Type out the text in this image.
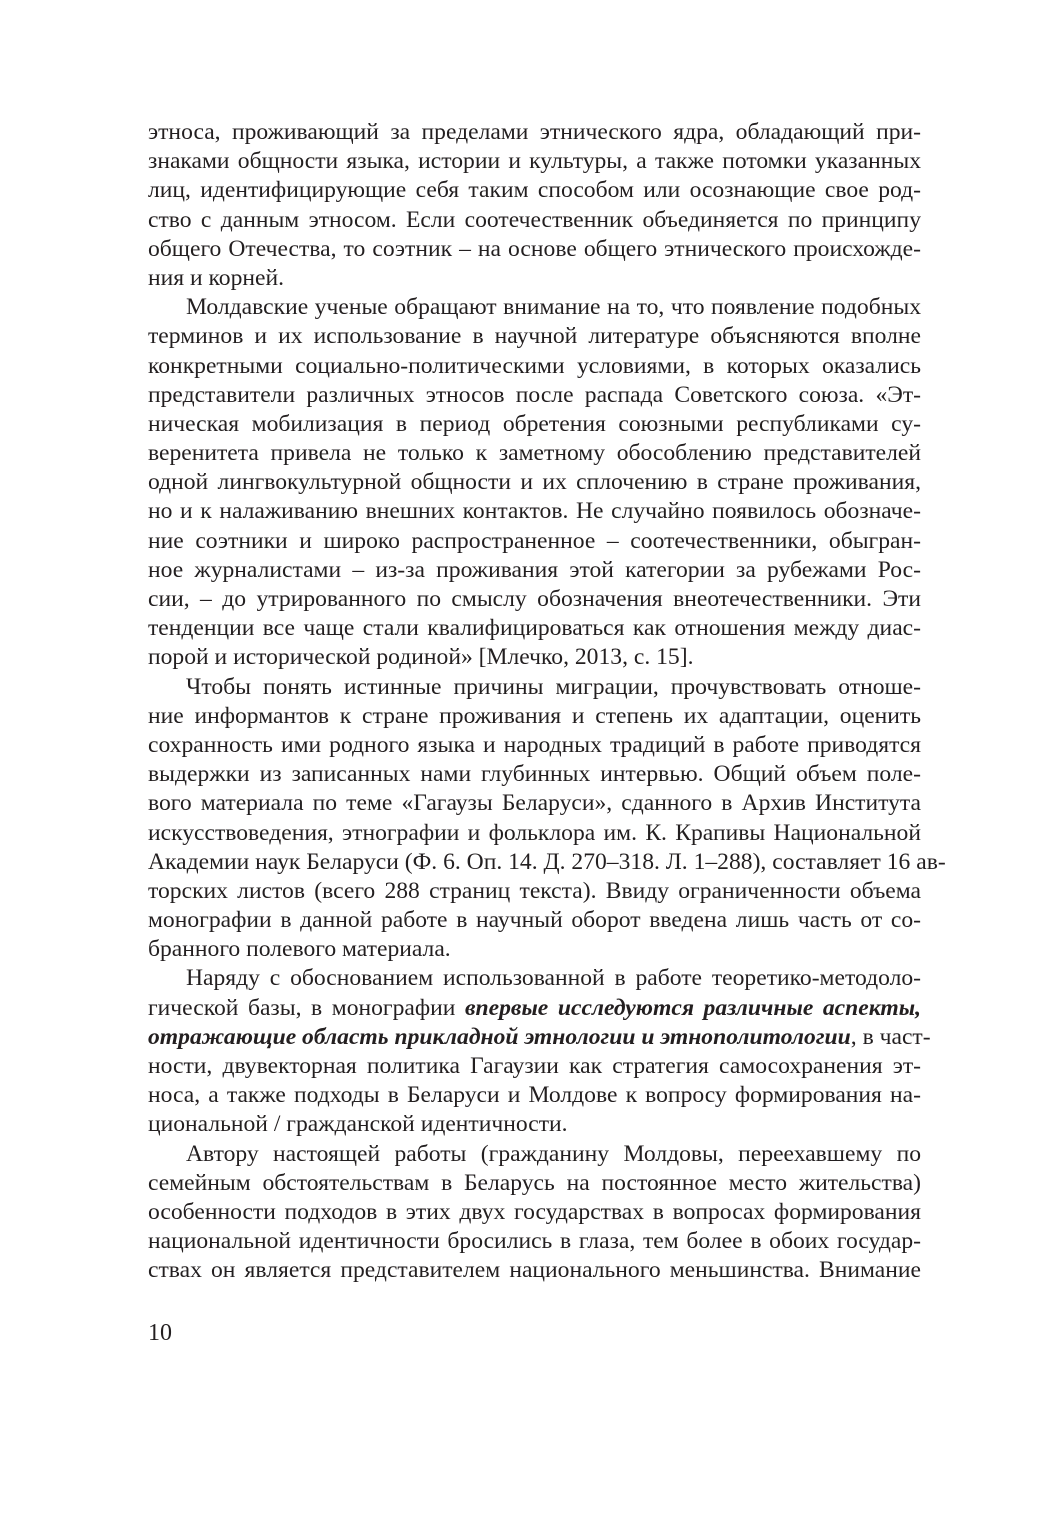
этноса, проживающий за пределами этнического ядра, обладающий при-
знаками общности языка, истории и культуры, а также потомки указанных
лиц, идентифицирующие себя таким способом или осознающие свое род-
ство с данным этносом. Если соотечественник объединяется по принципу
общего Отечества, то соэтник – на основе общего этнического происхожде-
ния и корней.
Молдавские ученые обращают внимание на то, что появление подобных
терминов и их использование в научной литературе объясняются вполне
конкретными социально-политическими условиями, в которых оказались
представители различных этносов после распада Советского союза. «Эт-
ническая мобилизация в период обретения союзными республиками су-
веренитета привела не только к заметному обособлению представителей
одной лингвокультурной общности и их сплочению в стране проживания,
но и к налаживанию внешних контактов. Не случайно появилось обозначе-
ние соэтники и широко распространенное – соотечественники, обыгран-
ное журналистами – из-за проживания этой категории за рубежами Рос-
сии, – до утрированного по смыслу обозначения внеотечественники. Эти
тенденции все чаще стали квалифицироваться как отношения между диас-
порой и исторической родиной» [Млечко, 2013, с. 15].
Чтобы понять истинные причины миграции, прочувствовать отноше-
ние информантов к стране проживания и степень их адаптации, оценить
сохранность ими родного языка и народных традиций в работе приводятся
выдержки из записанных нами глубинных интервью. Общий объем поле-
вого материала по теме «Гагаузы Беларуси», сданного в Архив Института
искусствоведения, этнографии и фольклора им. К. Крапивы Национальной
Академии наук Беларуси (Ф. 6. Оп. 14. Д. 270–318. Л. 1–288), составляет 16 ав-
торских листов (всего 288 страниц текста). Ввиду ограниченности объема
монографии в данной работе в научный оборот введена лишь часть от со-
бранного полевого материала.
Наряду с обоснованием использованной в работе теоретико-методоло-
гической базы, в монографии впервые исследуются различные аспекты,
отражающие область прикладной этнологии и этнополитологии, в част-
ности, двувекторная политика Гагаузии как стратегия самосохранения эт-
носа, а также подходы в Беларуси и Молдове к вопросу формирования на-
циональной / гражданской идентичности.
Автору настоящей работы (гражданину Молдовы, переехавшему по
семейным обстоятельствам в Беларусь на постоянное место жительства)
особенности подходов в этих двух государствах в вопросах формирования
национальной идентичности бросились в глаза, тем более в обоих государ-
ствах он является представителем национального меньшинства. Внимание
10
